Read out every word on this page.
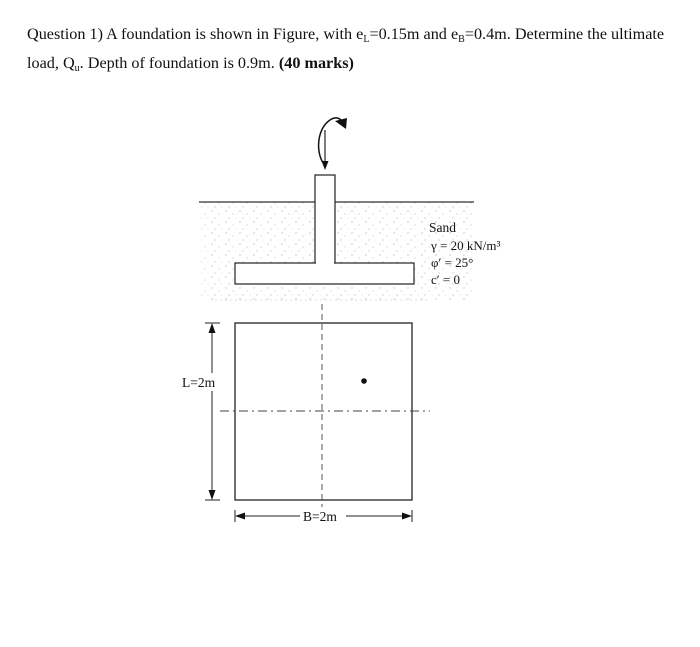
Question 1) A foundation is shown in Figure, with $e_L=0.15m$ and $e_B=0.4m$. Determine the ultimate load, $Q_u$. Depth of foundation is 0.9m. (40 marks)
Sand
γ = 20 kN/m³
φ′ = 25°
c′ = 0
L=2m
B=2m
